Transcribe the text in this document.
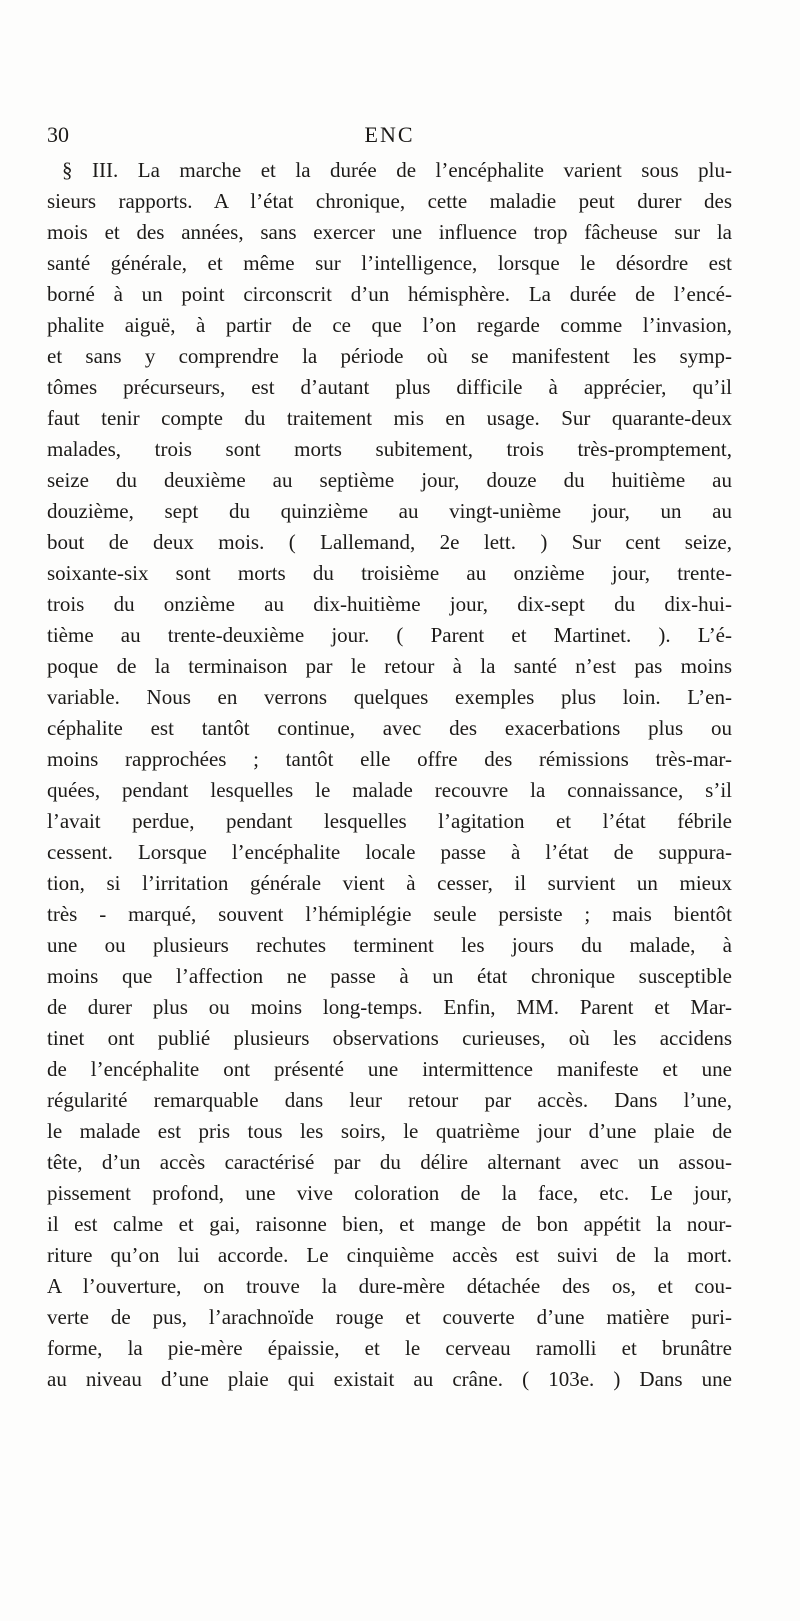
30	ENC
§ III. La marche et la durée de l’encéphalite varient sous plu-
sieurs rapports. A l’état chronique, cette maladie peut durer des
mois et des années, sans exercer une influence trop fâcheuse sur la
santé générale, et même sur l’intelligence, lorsque le désordre est
borné à un point circonscrit d’un hémisphère. La durée de l’encé-
phalite aiguë, à partir de ce que l’on regarde comme l’invasion,
et sans y comprendre la période où se manifestent les symp-
tômes précurseurs, est d’autant plus difficile à apprécier, qu’il
faut tenir compte du traitement mis en usage. Sur quarante-deux
malades, trois sont morts subitement, trois très-promptement,
seize du deuxième au septième jour, douze du huitième au
douzième, sept du quinzième au vingt-unième jour, un au
bout de deux mois. ( Lallemand, 2e lett. ) Sur cent seize,
soixante-six sont morts du troisième au onzième jour, trente-
trois du onzième au dix-huitième jour, dix-sept du dix-hui-
tième au trente-deuxième jour. ( Parent et Martinet. ). L’é-
poque de la terminaison par le retour à la santé n’est pas moins
variable. Nous en verrons quelques exemples plus loin. L’en-
céphalite est tantôt continue, avec des exacerbations plus ou
moins rapprochées ; tantôt elle offre des rémissions très-mar-
quées, pendant lesquelles le malade recouvre la connaissance, s’il
l’avait perdue, pendant lesquelles l’agitation et l’état fébrile
cessent. Lorsque l’encéphalite locale passe à l’état de suppura-
tion, si l’irritation générale vient à cesser, il survient un mieux
très - marqué, souvent l’hémiplégie seule persiste ; mais bientôt
une ou plusieurs rechutes terminent les jours du malade, à
moins que l’affection ne passe à un état chronique susceptible
de durer plus ou moins long-temps. Enfin, MM. Parent et Mar-
tinet ont publié plusieurs observations curieuses, où les accidens
de l’encéphalite ont présenté une intermittence manifeste et une
régularité remarquable dans leur retour par accès. Dans l’une,
le malade est pris tous les soirs, le quatrième jour d’une plaie de
tête, d’un accès caractérisé par du délire alternant avec un assou-
pissement profond, une vive coloration de la face, etc. Le jour,
il est calme et gai, raisonne bien, et mange de bon appétit la nour-
riture qu’on lui accorde. Le cinquième accès est suivi de la mort.
A l’ouverture, on trouve la dure-mère détachée des os, et cou-
verte de pus, l’arachnoïde rouge et couverte d’une matière puri-
forme, la pie-mère épaissie, et le cerveau ramolli et brunâtre
au niveau d’une plaie qui existait au crâne. ( 103e. ) Dans une
